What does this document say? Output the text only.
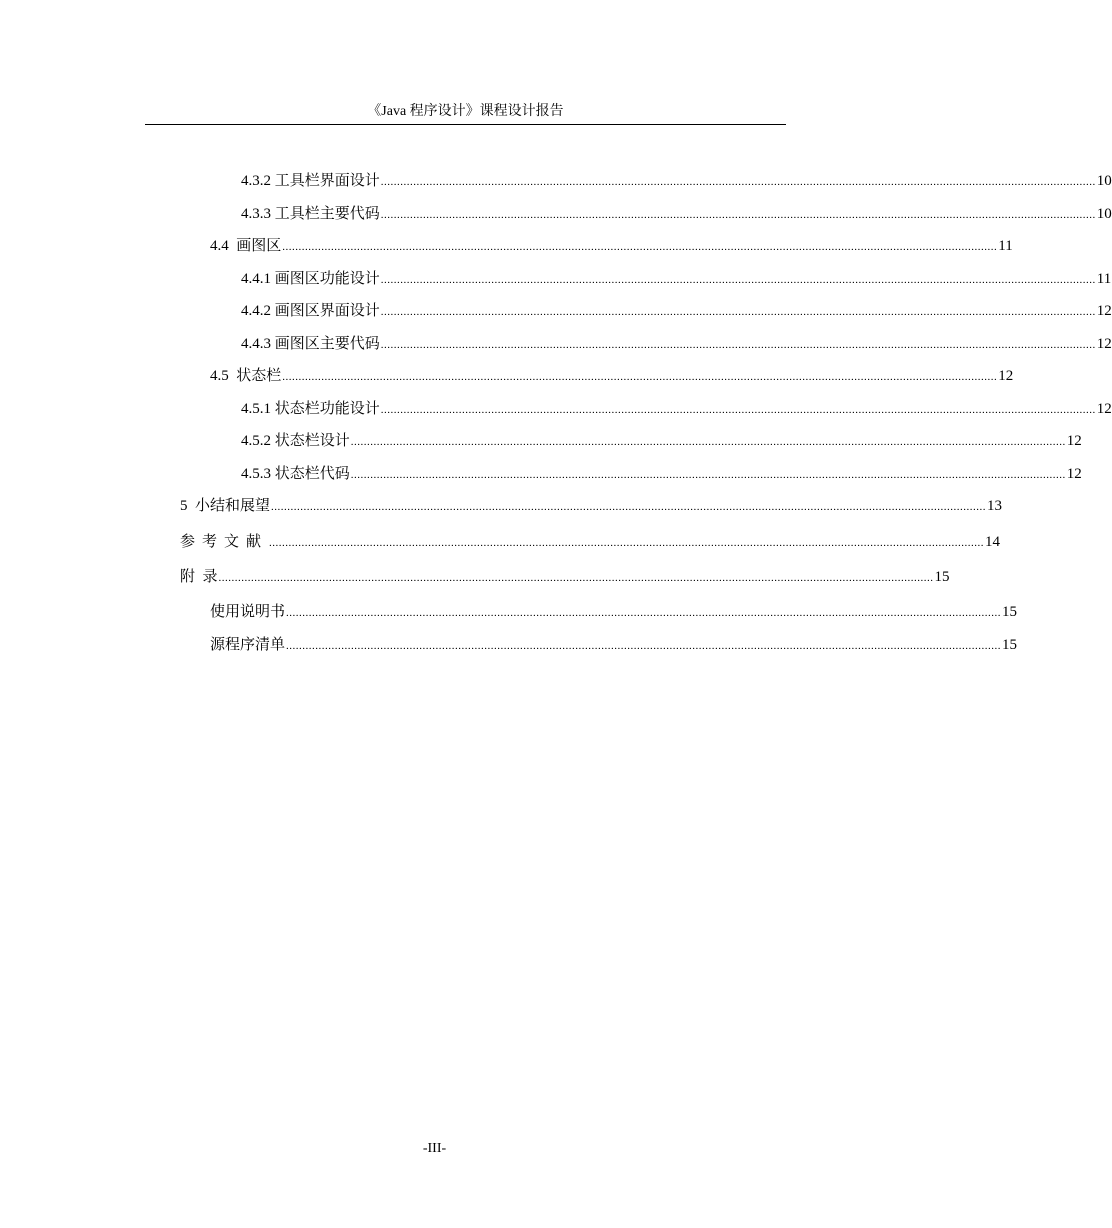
《Java 程序设计》课程设计报告
4.3.2 工具栏界面设计 ............................................................................................................................................................................................................................ 10
4.3.3 工具栏主要代码 ............................................................................................................................................................................................................................ 10
4.4  画图区 ............................................................................................................................................................................................................................ 11
4.4.1 画图区功能设计 ............................................................................................................................................................................................................................ 11
4.4.2 画图区界面设计 ............................................................................................................................................................................................................................ 12
4.4.3 画图区主要代码 ............................................................................................................................................................................................................................ 12
4.5  状态栏 ............................................................................................................................................................................................................................ 12
4.5.1 状态栏功能设计 ............................................................................................................................................................................................................................ 12
4.5.2 状态栏设计 ............................................................................................................................................................................................................................ 12
4.5.3 状态栏代码 ............................................................................................................................................................................................................................ 12
5  小结和展望 ............................................................................................................................................................................................................................ 13
参考文献 ............................................................................................................................................................................................................................ 14
附  录 ............................................................................................................................................................................................................................ 15
使用说明书 ............................................................................................................................................................................................................................ 15
源程序清单 ............................................................................................................................................................................................................................ 15
-III-
